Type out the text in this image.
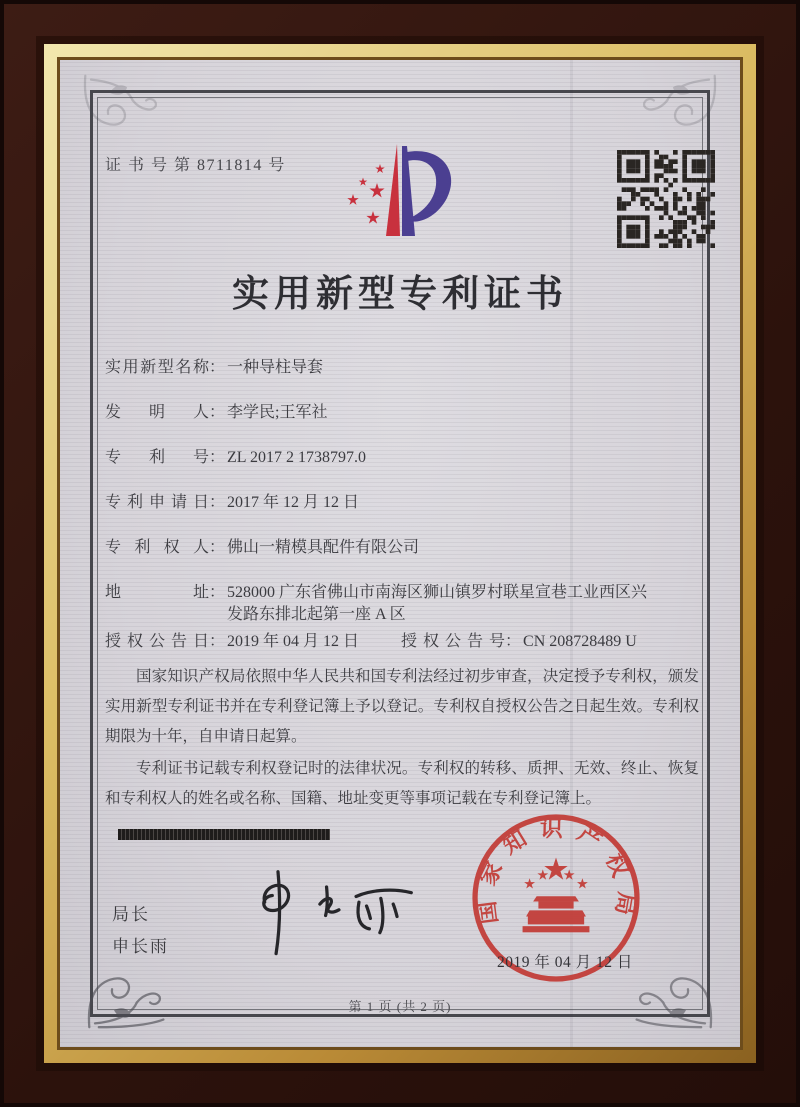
证 书 号 第 8711814 号
实用新型专利证书
实用新型名称 ： 一种导柱导套
发明人 ： 李学民;王军社
专利号 ： ZL 2017 2 1738797.0
专利申请日 ： 2017 年 12 月 12 日
专利权人 ： 佛山一精模具配件有限公司
地址 ： 528000 广东省佛山市南海区狮山镇罗村联星宣巷工业西区兴发路东排北起第一座 A 区
授权公告日 ： 2019 年 04 月 12 日	授权公告号 ： CN 208728489 U

国家知识产权局依照中华人民共和国专利法经过初步审查，决定授予专利权，颁发实用新型专利证书并在专利登记簿上予以登记。专利权自授权公告之日起生效。专利权期限为十年，自申请日起算。

专利证书记载专利权登记时的法律状况。专利权的转移、质押、无效、终止、恢复和专利权人的姓名或名称、国籍、地址变更等事项记载在专利登记簿上。

局长
申长雨
国家知识产权局
2019 年 04 月 12 日
第 1 页 (共 2 页)
